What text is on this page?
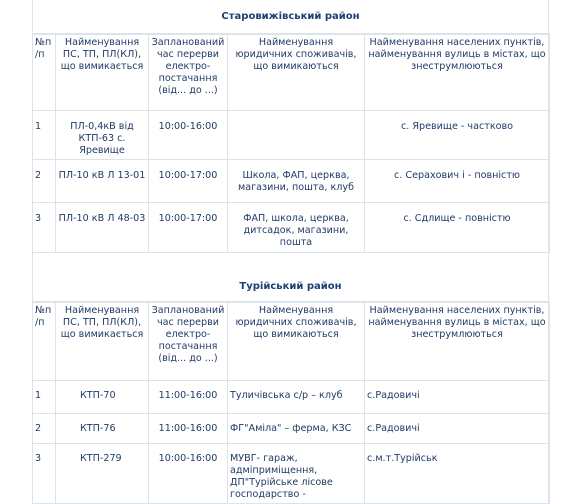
Старовижівський район
№п/п	Найменування ПС, ТП, ПЛ(КЛ), що вимикається	Запланований час перерви електро-постачання (від... до ...)	Найменування юридичних споживачів, що вимикаються	Найменування населених пунктів, найменування вулиць в містах, що знеструмлюються
1	ПЛ-0,4кВ від КТП-63 с. Яревище	10:00-16:00		с. Яревище - частково
2	ПЛ-10 кВ Л 13-01	10:00-17:00	Школа, ФАП, церква, магазини, пошта, клуб	с. Серахович і - повністю
3	ПЛ-10 кВ Л 48-03	10:00-17:00	ФАП, школа, церква, дитсадок, магазини, пошта	с. Сдлище - повністю
Турійський район
№п/п	Найменування ПС, ТП, ПЛ(КЛ), що вимикається	Запланований час перерви електро-постачання (від... до ...)	Найменування юридичних споживачів, що вимикаються	Найменування населених пунктів, найменування вулиць в містах, що знеструмлюються
1	КТП-70	11:00-16:00	Туличівська с/р – клуб	с.Радовичі
2	КТП-76	11:00-16:00	ФГ"Аміла" – ферма, КЗС	с.Радовичі
3	КТП-279	10:00-16:00	МУВГ- гараж, адміприміщення, ДП"Турійське лісове господарство -	с.м.т.Турійськ
